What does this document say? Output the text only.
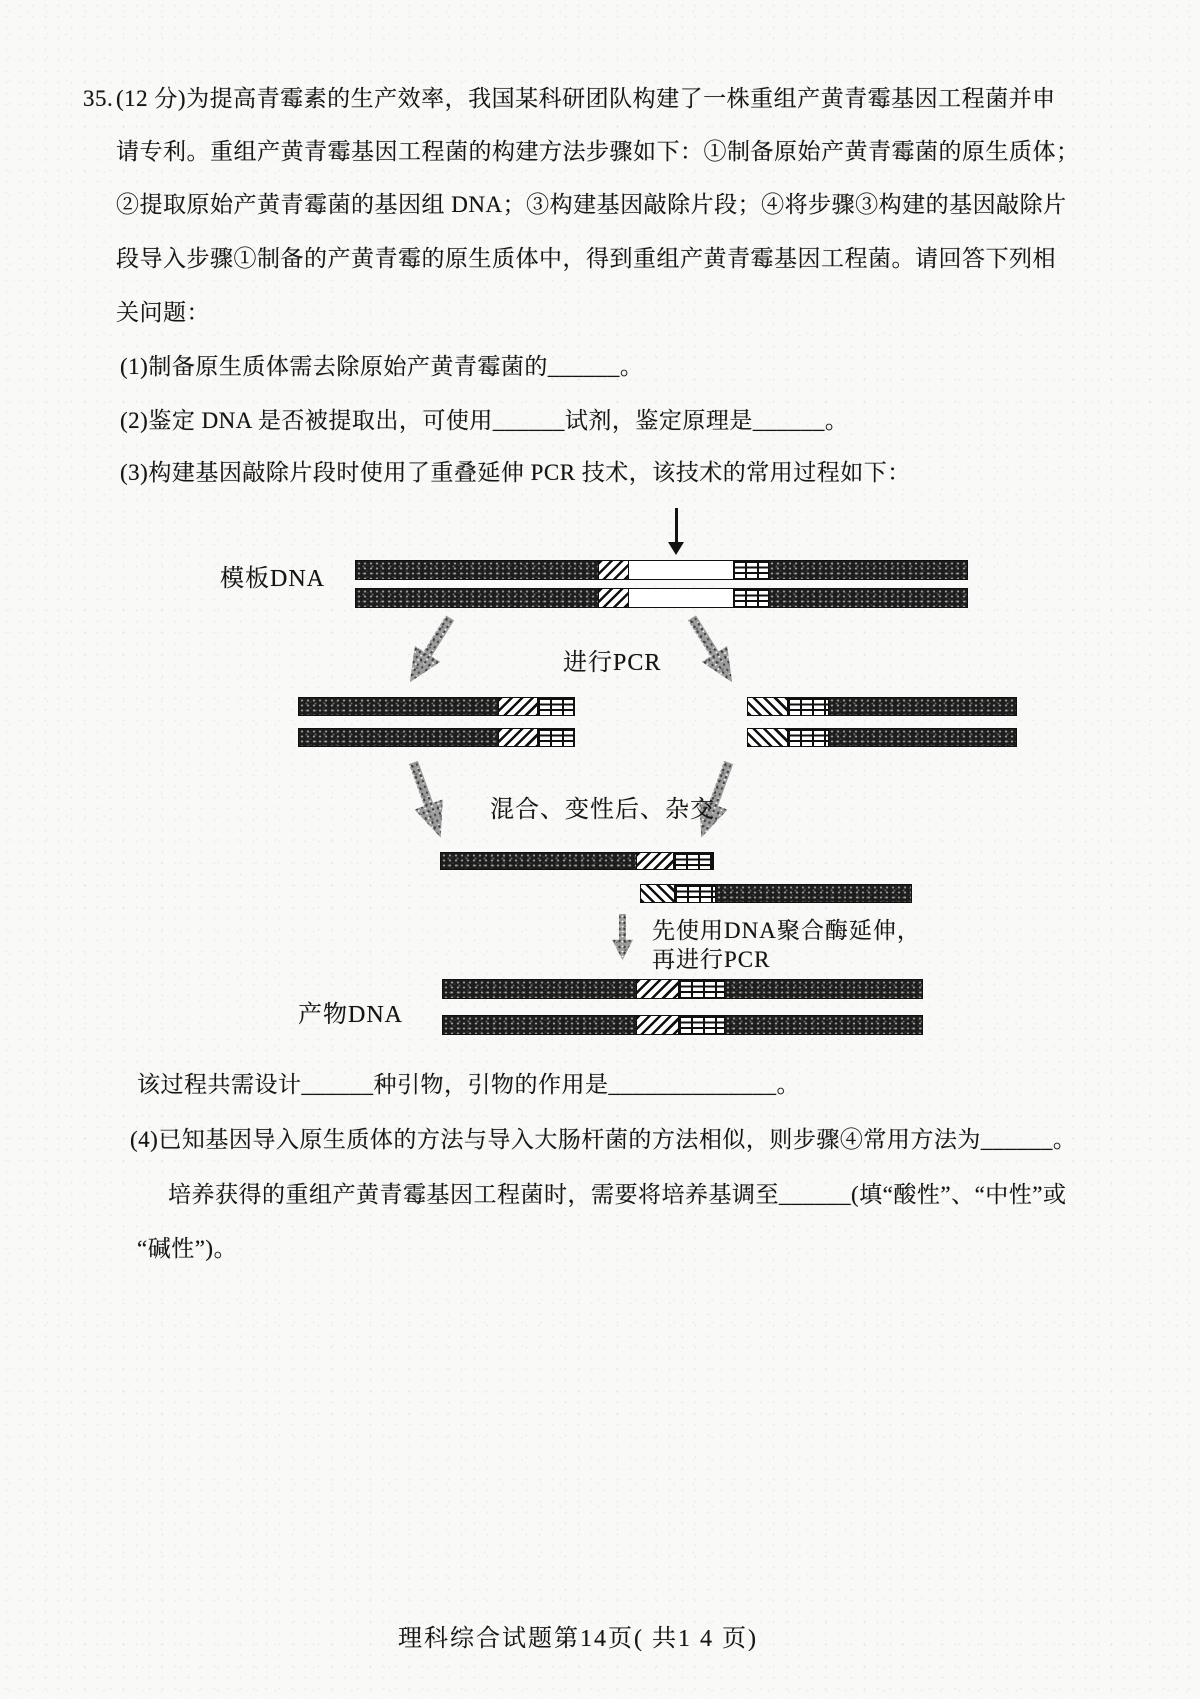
35. (12 分)为提高青霉素的生产效率，我国某科研团队构建了一株重组产黄青霉基因工程菌并申
请专利。重组产黄青霉基因工程菌的构建方法步骤如下：①制备原始产黄青霉菌的原生质体；
②提取原始产黄青霉菌的基因组 DNA；③构建基因敲除片段；④将步骤③构建的基因敲除片
段导入步骤①制备的产黄青霉的原生质体中，得到重组产黄青霉基因工程菌。请回答下列相
关问题：
(1)制备原生质体需去除原始产黄青霉菌的______。
(2)鉴定 DNA 是否被提取出，可使用______试剂，鉴定原理是______。
(3)构建基因敲除片段时使用了重叠延伸 PCR 技术，该技术的常用过程如下：
模板DNA
进行PCR
混合、变性后、杂交
先使用DNA聚合酶延伸，
再进行PCR
产物DNA
该过程共需设计______种引物，引物的作用是______________。
(4)已知基因导入原生质体的方法与导入大肠杆菌的方法相似，则步骤④常用方法为______。
培养获得的重组产黄青霉基因工程菌时，需要将培养基调至______(填“酸性”、“中性”或
“碱性”)。
理科综合试题第14页( 共1 4 页)
